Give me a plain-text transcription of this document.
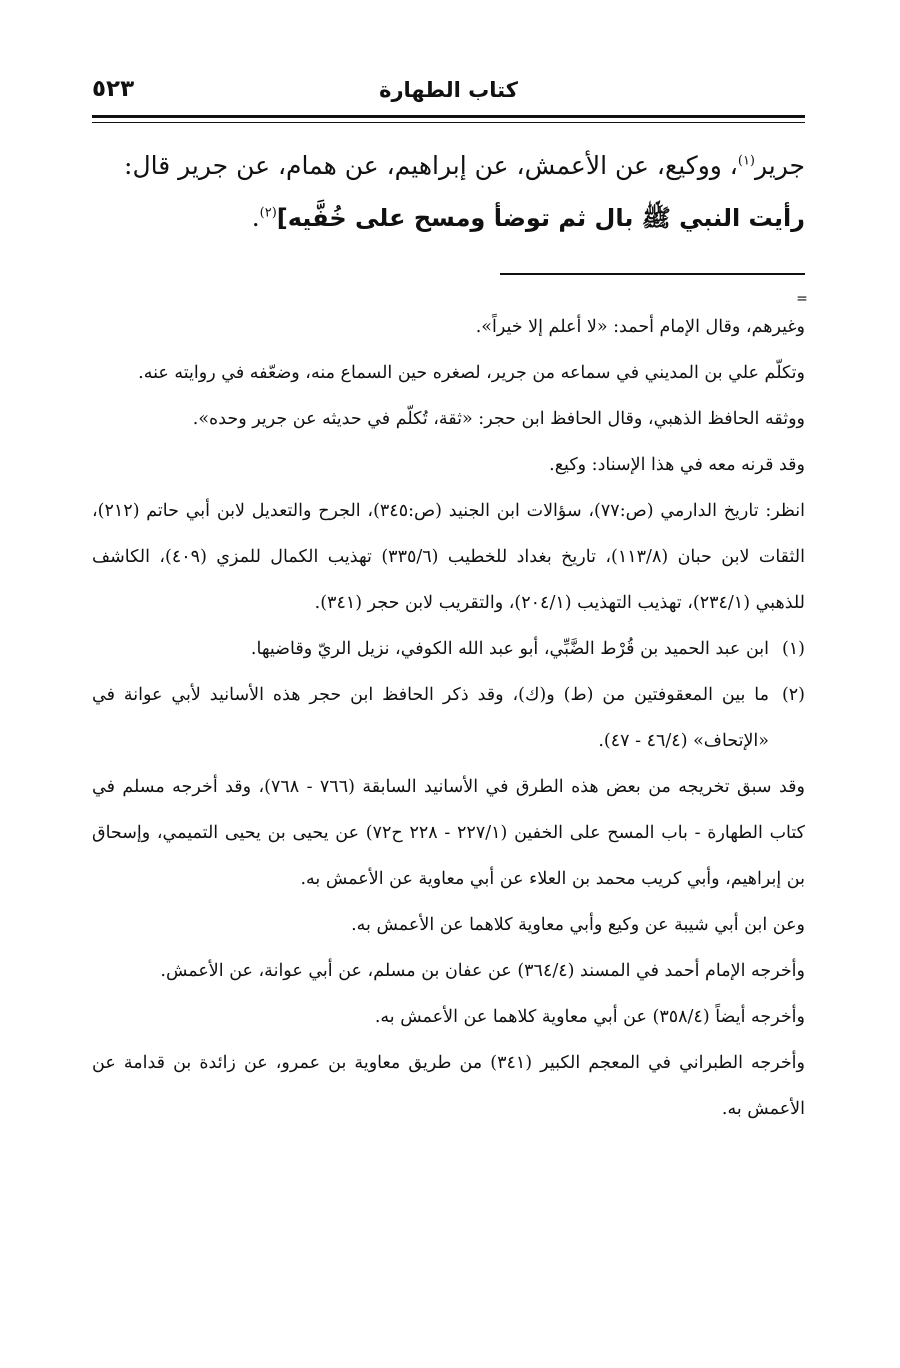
كتاب الطهارة
٥٢٣

جرير$^{(١)}$، ووكيع، عن الأعمش، عن إبراهيم، عن همام، عن جرير قال:

رأيت النبي ﷺ بال ثم توضأ ومسح على خُفَّيه]$^{(٢)}$.

=

وغيرهم، وقال الإمام أحمد: «لا أعلم إلا خيراً».

وتكلّم علي بن المديني في سماعه من جرير، لصغره حين السماع منه، وضعّفه في روايته عنه.

ووثقه الحافظ الذهبي، وقال الحافظ ابن حجر: «ثقة، تُكلّم في حديثه عن جرير وحده».

وقد قرنه معه في هذا الإسناد: وكيع.

انظر: تاريخ الدارمي (ص:٧٧)، سؤالات ابن الجنيد (ص:٣٤٥)، الجرح والتعديل لابن أبي حاتم (٢١٢)، الثقات لابن حبان (١١٣/٨)، تاريخ بغداد للخطيب (٣٣٥/٦) تهذيب الكمال للمزي (٤٠٩)، الكاشف للذهبي (٢٣٤/١)، تهذيب التهذيب (٢٠٤/١)، والتقريب لابن حجر (٣٤١).

(١)ابن عبد الحميد بن قُرْط الضَّبِّي، أبو عبد الله الكوفي، نزيل الريّ وقاضيها.

(٢)ما بين المعقوفتين من (ط) و(ك)، وقد ذكر الحافظ ابن حجر هذه الأسانيد لأبي عوانة في «الإتحاف» (٤٦/٤ - ٤٧).

وقد سبق تخريجه من بعض هذه الطرق في الأسانيد السابقة (٧٦٦ - ٧٦٨)، وقد أخرجه مسلم في كتاب الطهارة - باب المسح على الخفين (٢٢٧/١ - ٢٢٨ ح٧٢) عن يحيى بن يحيى التميمي، وإسحاق بن إبراهيم، وأبي كريب محمد بن العلاء عن أبي معاوية عن الأعمش به.

وعن ابن أبي شيبة عن وكيع وأبي معاوية كلاهما عن الأعمش به.

وأخرجه الإمام أحمد في المسند (٣٦٤/٤) عن عفان بن مسلم، عن أبي عوانة، عن الأعمش.

وأخرجه أيضاً (٣٥٨/٤) عن أبي معاوية كلاهما عن الأعمش به.

وأخرجه الطبراني في المعجم الكبير (٣٤١) من طريق معاوية بن عمرو، عن زائدة بن قدامة عن الأعمش به.
